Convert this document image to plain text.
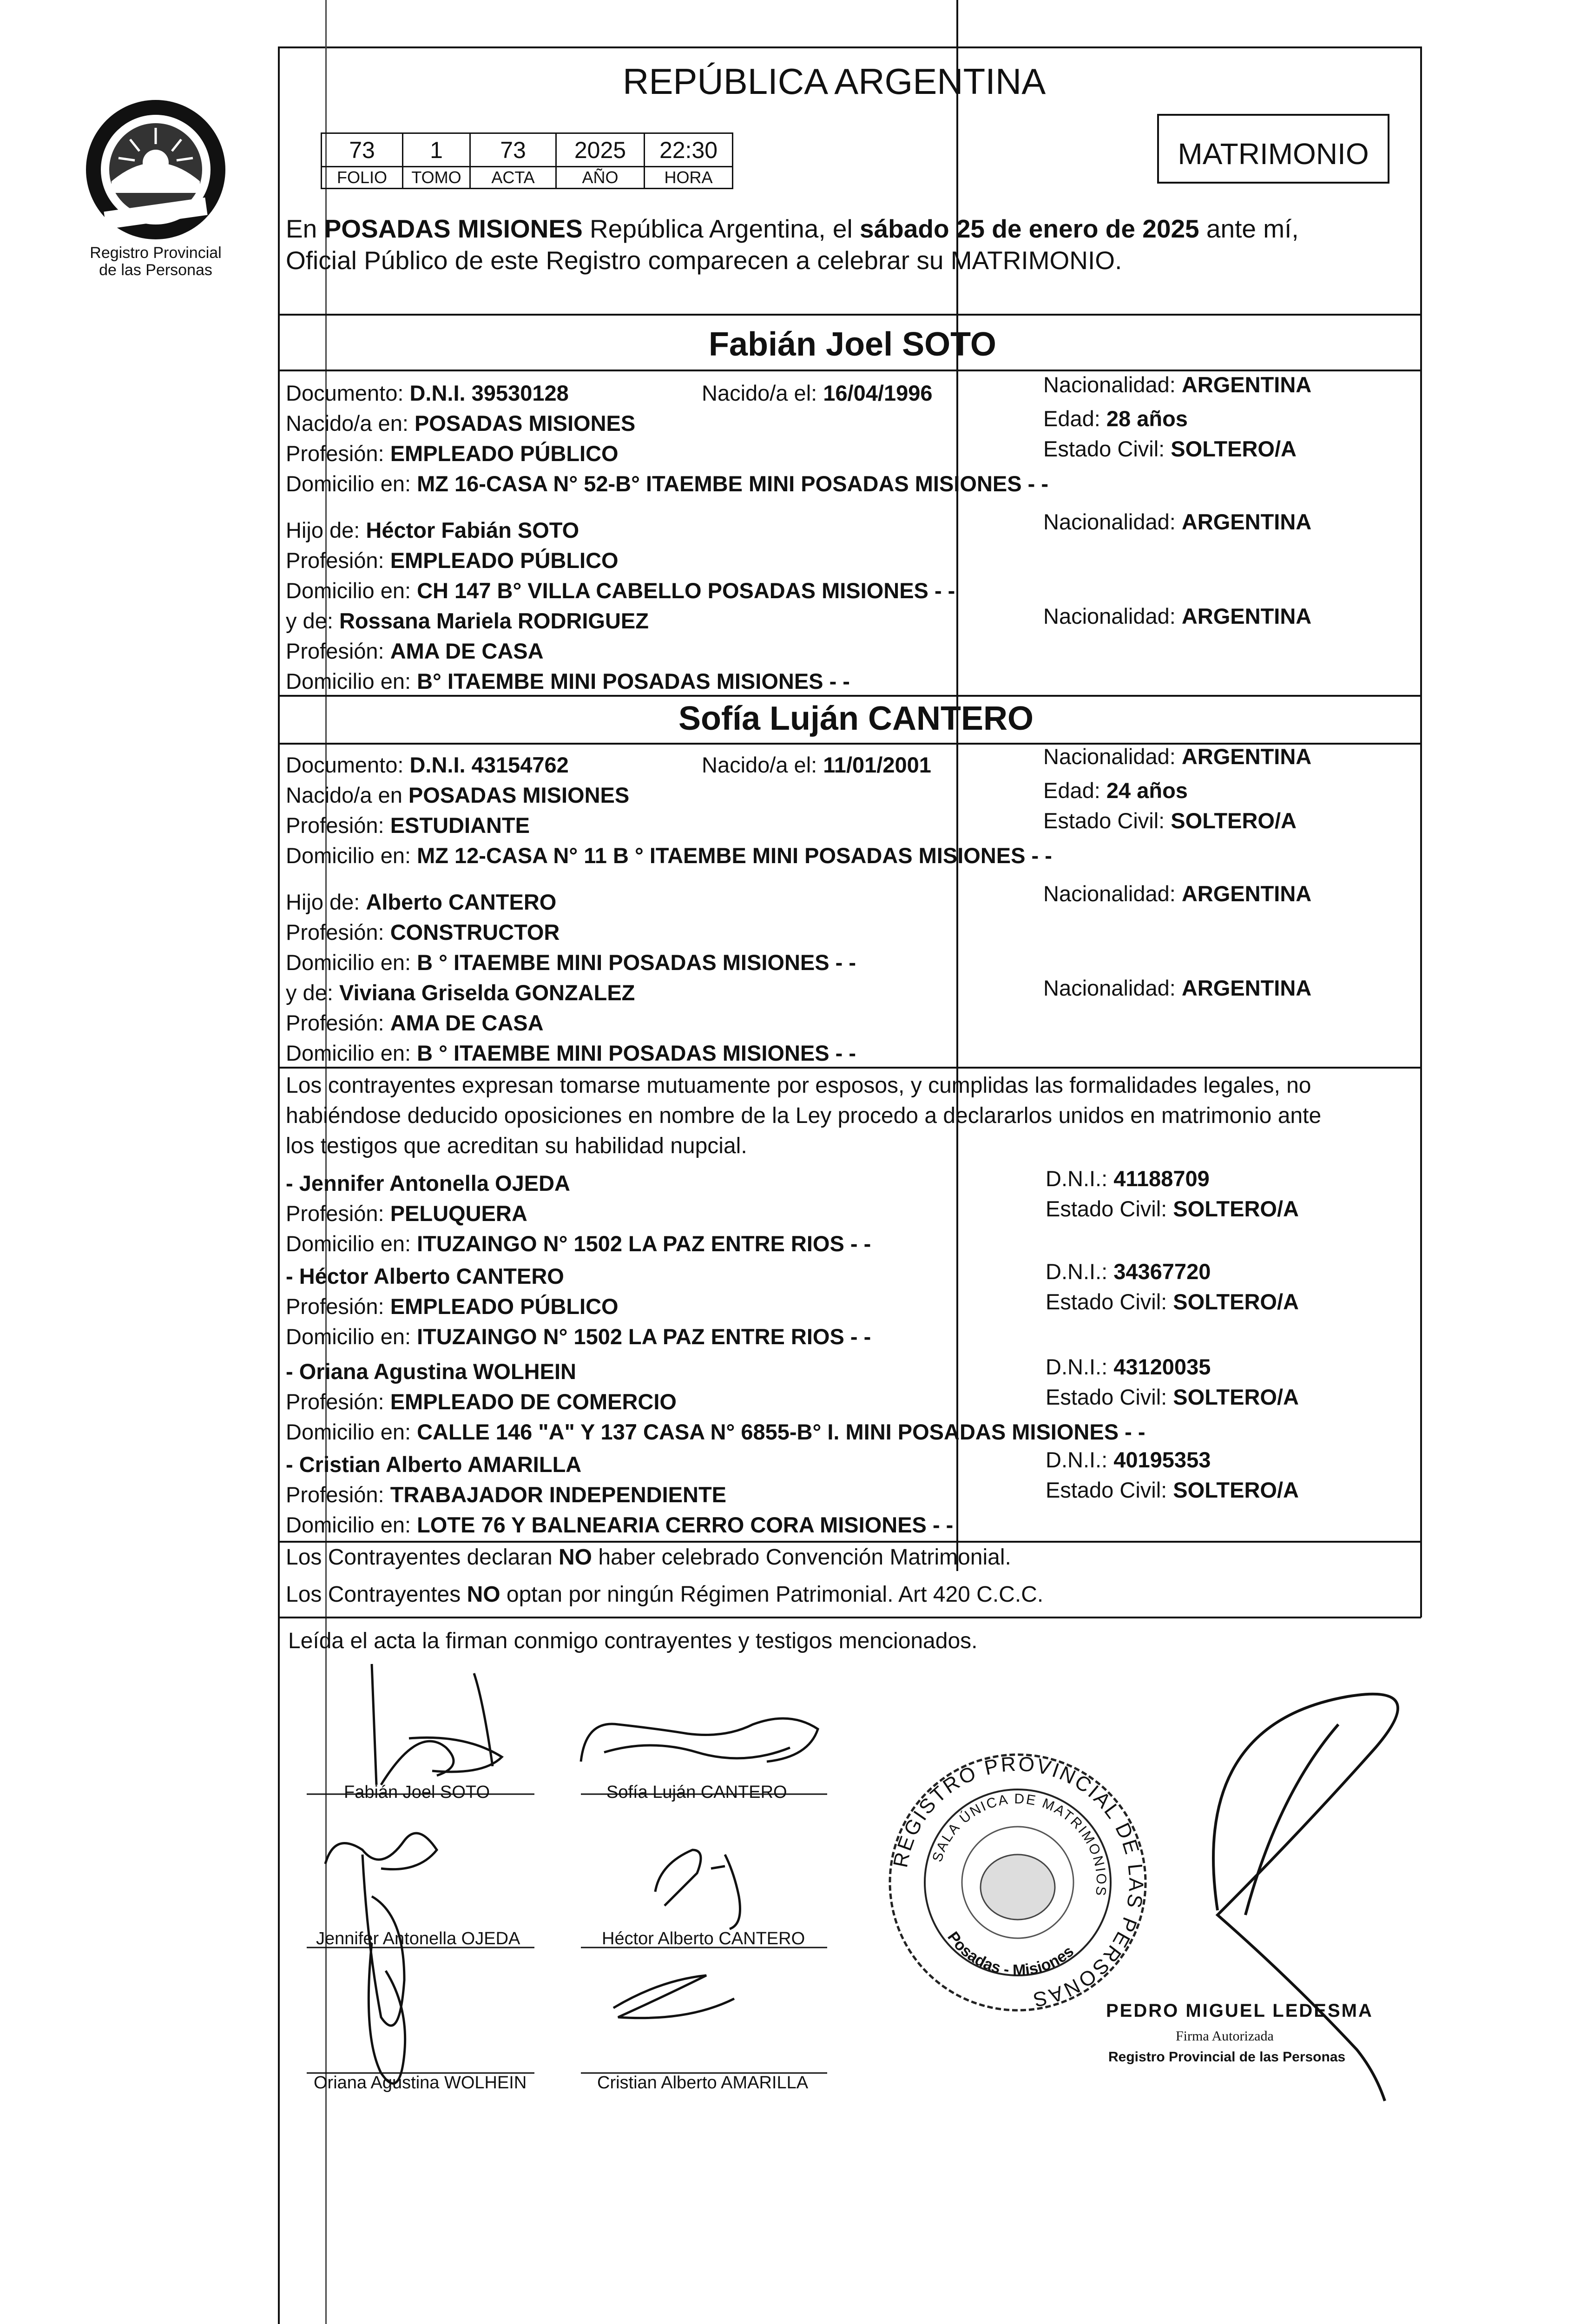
Registro Provincial
de las Personas
REPÚBLICA ARGENTINA
73	1	73	2025	22:30
FOLIO	TOMO	ACTA	AÑO	HORA
MATRIMONIO
En POSADAS MISIONES República Argentina, el sábado 25 de enero de 2025 ante mí,
Oficial Público de este Registro comparecen a celebrar su MATRIMONIO.
Fabián Joel SOTO
Documento: D.N.I. 39530128	Nacido/a el: 16/04/1996	Nacionalidad: ARGENTINA
Nacido/a en: POSADAS MISIONES	Edad: 28 años
Profesión: EMPLEADO PÚBLICO	Estado Civil: SOLTERO/A
Domicilio en: MZ 16-CASA N° 52-B° ITAEMBE MINI POSADAS MISIONES - -
Hijo de: Héctor Fabián SOTO	Nacionalidad: ARGENTINA
Profesión: EMPLEADO PÚBLICO
Domicilio en: CH 147 B° VILLA CABELLO POSADAS MISIONES - -
y de: Rossana Mariela RODRIGUEZ	Nacionalidad: ARGENTINA
Profesión: AMA DE CASA
Domicilio en: B° ITAEMBE MINI POSADAS MISIONES - -
Sofía Luján CANTERO
Documento: D.N.I. 43154762	Nacido/a el: 11/01/2001	Nacionalidad: ARGENTINA
Nacido/a en POSADAS MISIONES	Edad: 24 años
Profesión: ESTUDIANTE	Estado Civil: SOLTERO/A
Domicilio en: MZ 12-CASA N° 11 B ° ITAEMBE MINI POSADAS MISIONES - -
Hijo de: Alberto CANTERO	Nacionalidad: ARGENTINA
Profesión: CONSTRUCTOR
Domicilio en: B ° ITAEMBE MINI POSADAS MISIONES - -
y de: Viviana Griselda GONZALEZ	Nacionalidad: ARGENTINA
Profesión: AMA DE CASA
Domicilio en: B ° ITAEMBE MINI POSADAS MISIONES - -
Los contrayentes expresan tomarse mutuamente por esposos, y cumplidas las formalidades legales, no
habiéndose deducido oposiciones en nombre de la Ley procedo a declararlos unidos en matrimonio ante
los testigos que acreditan su habilidad nupcial.
- Jennifer Antonella OJEDA	D.N.I.: 41188709
Profesión: PELUQUERA	Estado Civil: SOLTERO/A
Domicilio en: ITUZAINGO N° 1502 LA PAZ ENTRE RIOS - -
- Héctor Alberto CANTERO	D.N.I.: 34367720
Profesión: EMPLEADO PÚBLICO	Estado Civil: SOLTERO/A
Domicilio en: ITUZAINGO N° 1502 LA PAZ ENTRE RIOS - -
- Oriana Agustina WOLHEIN	D.N.I.: 43120035
Profesión: EMPLEADO DE COMERCIO	Estado Civil: SOLTERO/A
Domicilio en: CALLE 146 "A" Y 137 CASA N° 6855-B° I. MINI POSADAS MISIONES - -
- Cristian Alberto AMARILLA	D.N.I.: 40195353
Profesión: TRABAJADOR INDEPENDIENTE	Estado Civil: SOLTERO/A
Domicilio en: LOTE 76 Y BALNEARIA CERRO CORA MISIONES - -
Los Contrayentes declaran NO haber celebrado Convención Matrimonial.
Los Contrayentes NO optan por ningún Régimen Patrimonial. Art 420 C.C.C.
Leída el acta la firman conmigo contrayentes y testigos mencionados.
Fabián Joel SOTO	Sofía Luján CANTERO
Jennifer Antonella OJEDA	Héctor Alberto CANTERO
Oriana Agustina WOLHEIN	Cristian Alberto AMARILLA
REGISTRO PROVINCIAL DE LAS PERSONAS
SALA ÚNICA DE MATRIMONIOS
Posadas - Misiones
PEDRO MIGUEL LEDESMA
Firma Autorizada
Registro Provincial de las Personas
